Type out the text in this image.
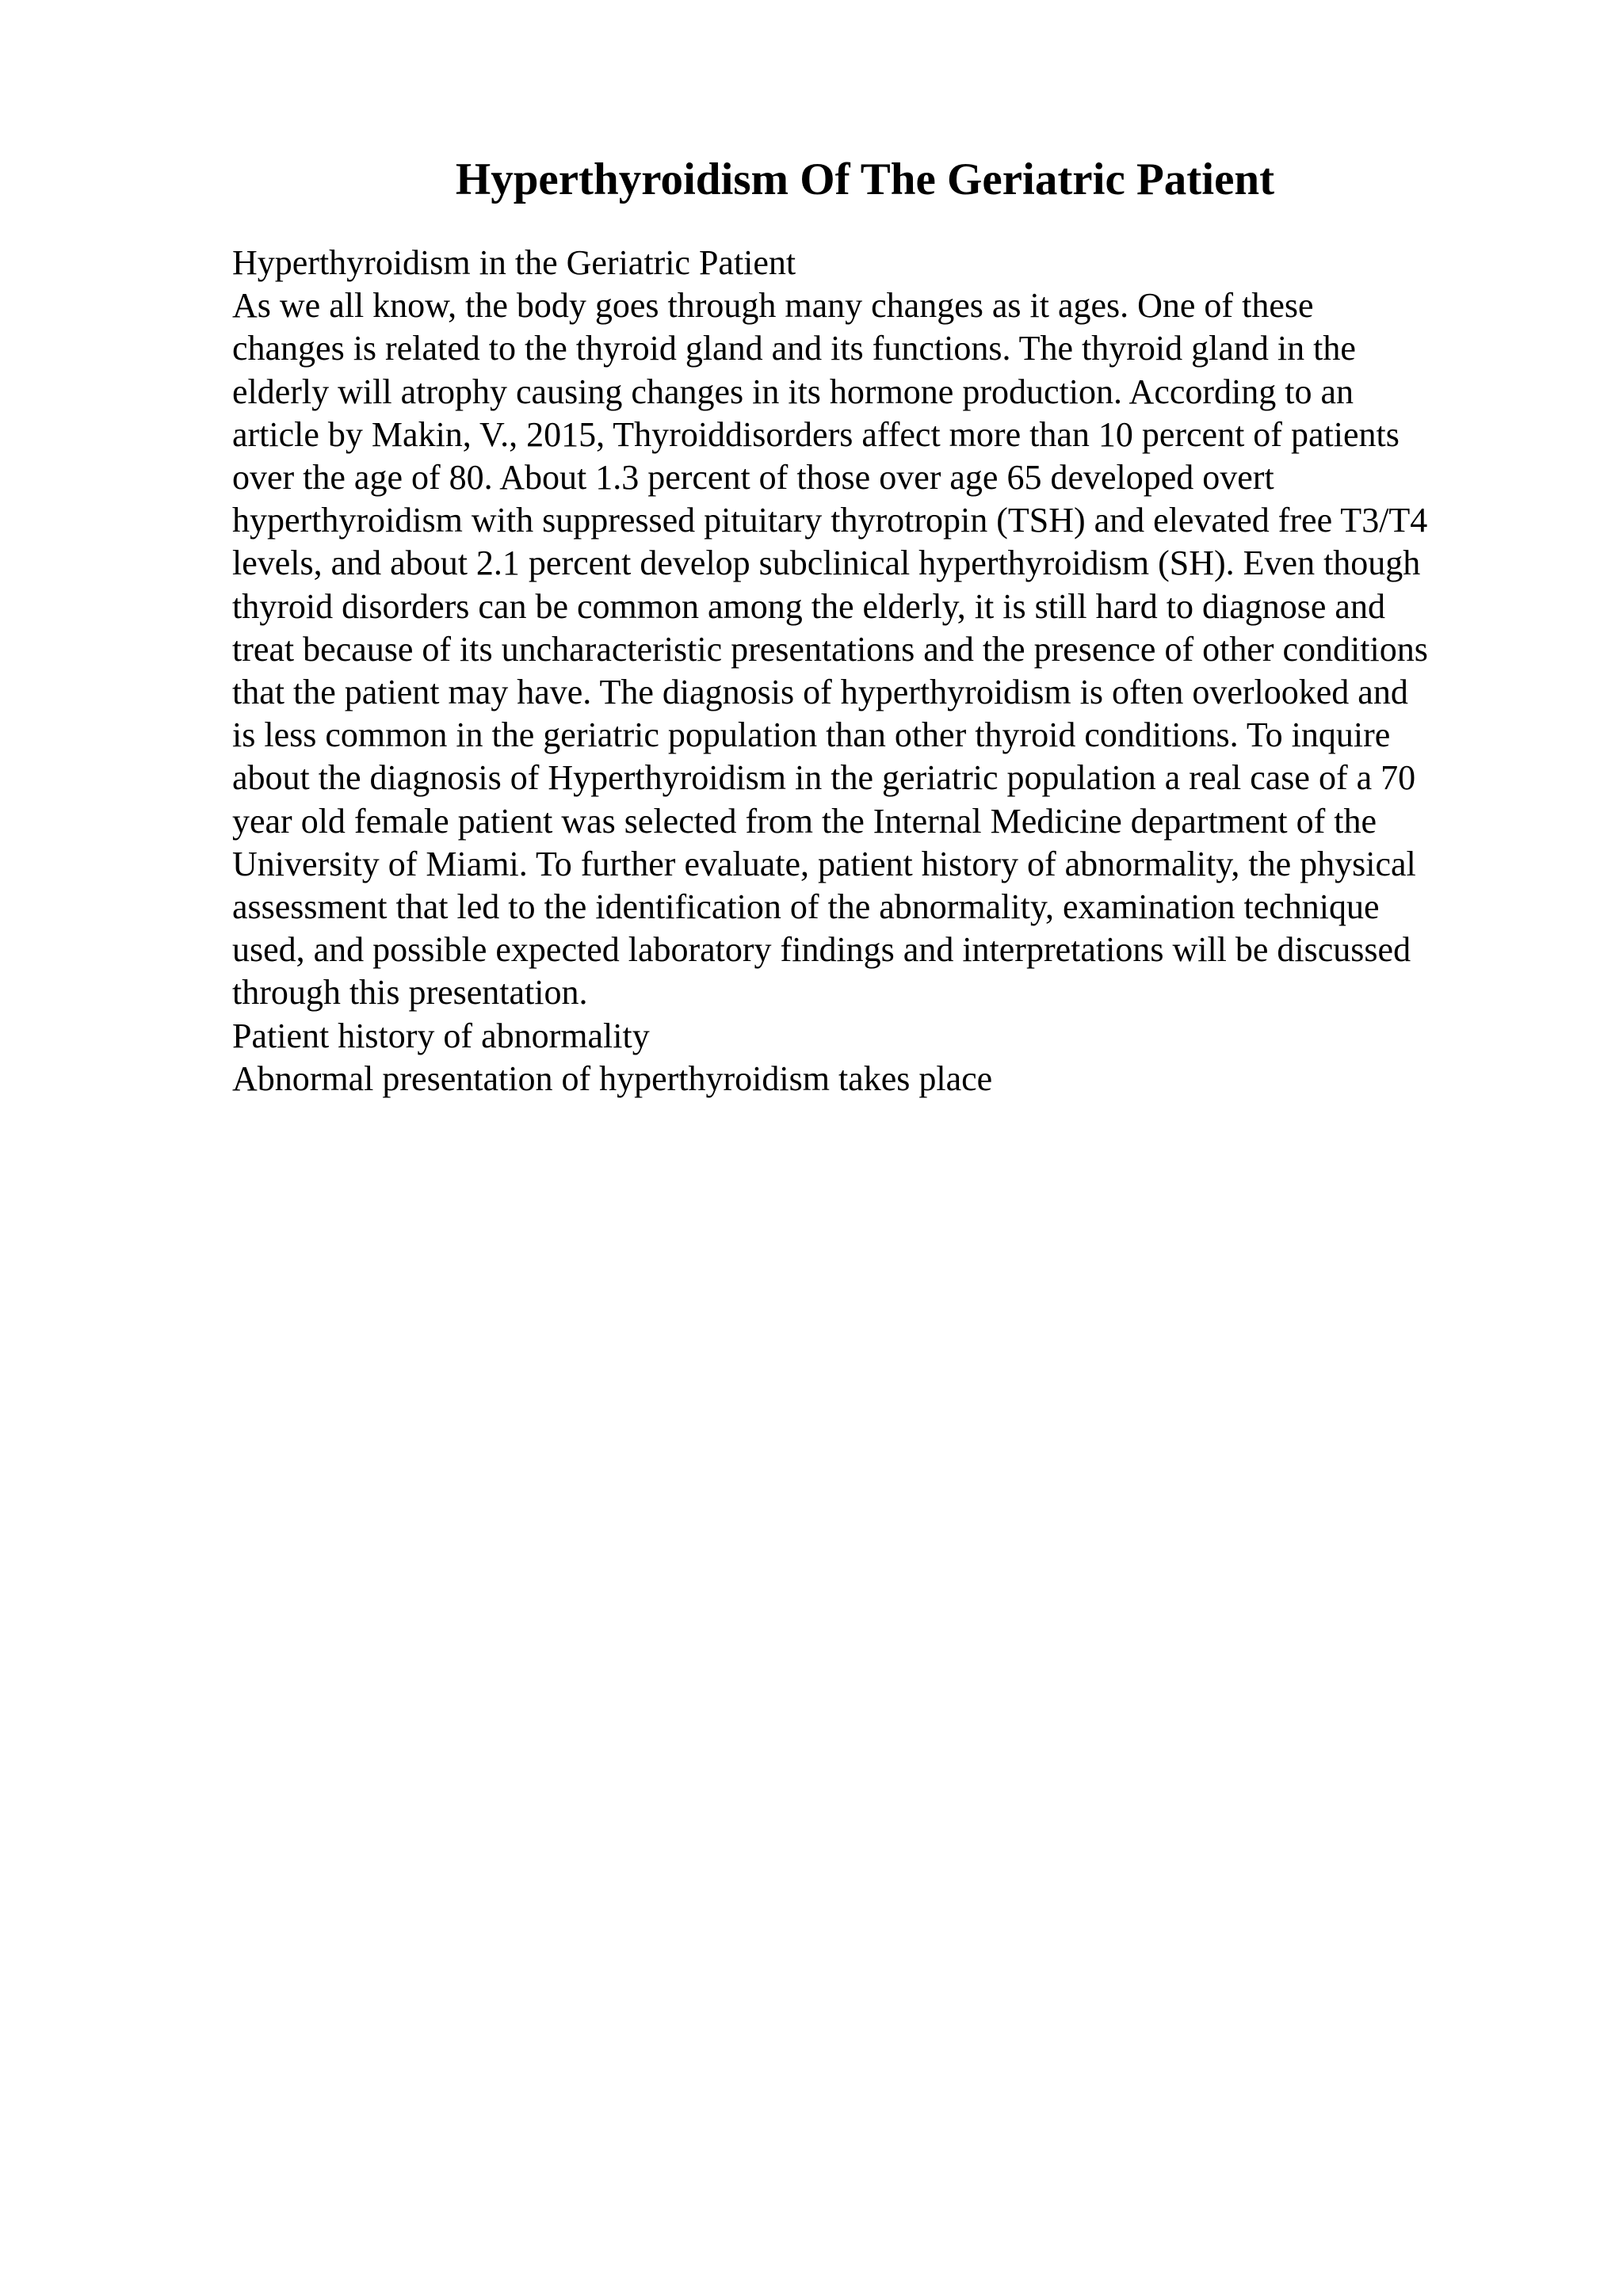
Hyperthyroidism Of The Geriatric Patient
Hyperthyroidism in the Geriatric Patient
As we all know, the body goes through many changes as it ages. One of these
changes is related to the thyroid gland and its functions. The thyroid gland in the
elderly will atrophy causing changes in its hormone production. According to an
article by Makin, V., 2015, Thyroiddisorders affect more than 10 percent of patients
over the age of 80. About 1.3 percent of those over age 65 developed overt
hyperthyroidism with suppressed pituitary thyrotropin (TSH) and elevated free T3/T4
levels, and about 2.1 percent develop subclinical hyperthyroidism (SH). Even though
thyroid disorders can be common among the elderly, it is still hard to diagnose and
treat because of its uncharacteristic presentations and the presence of other conditions
that the patient may have. The diagnosis of hyperthyroidism is often overlooked and
is less common in the geriatric population than other thyroid conditions. To inquire
about the diagnosis of Hyperthyroidism in the geriatric population a real case of a 70
year old female patient was selected from the Internal Medicine department of the
University of Miami. To further evaluate, patient history of abnormality, the physical
assessment that led to the identification of the abnormality, examination technique
used, and possible expected laboratory findings and interpretations will be discussed
through this presentation.
Patient history of abnormality
Abnormal presentation of hyperthyroidism takes place
